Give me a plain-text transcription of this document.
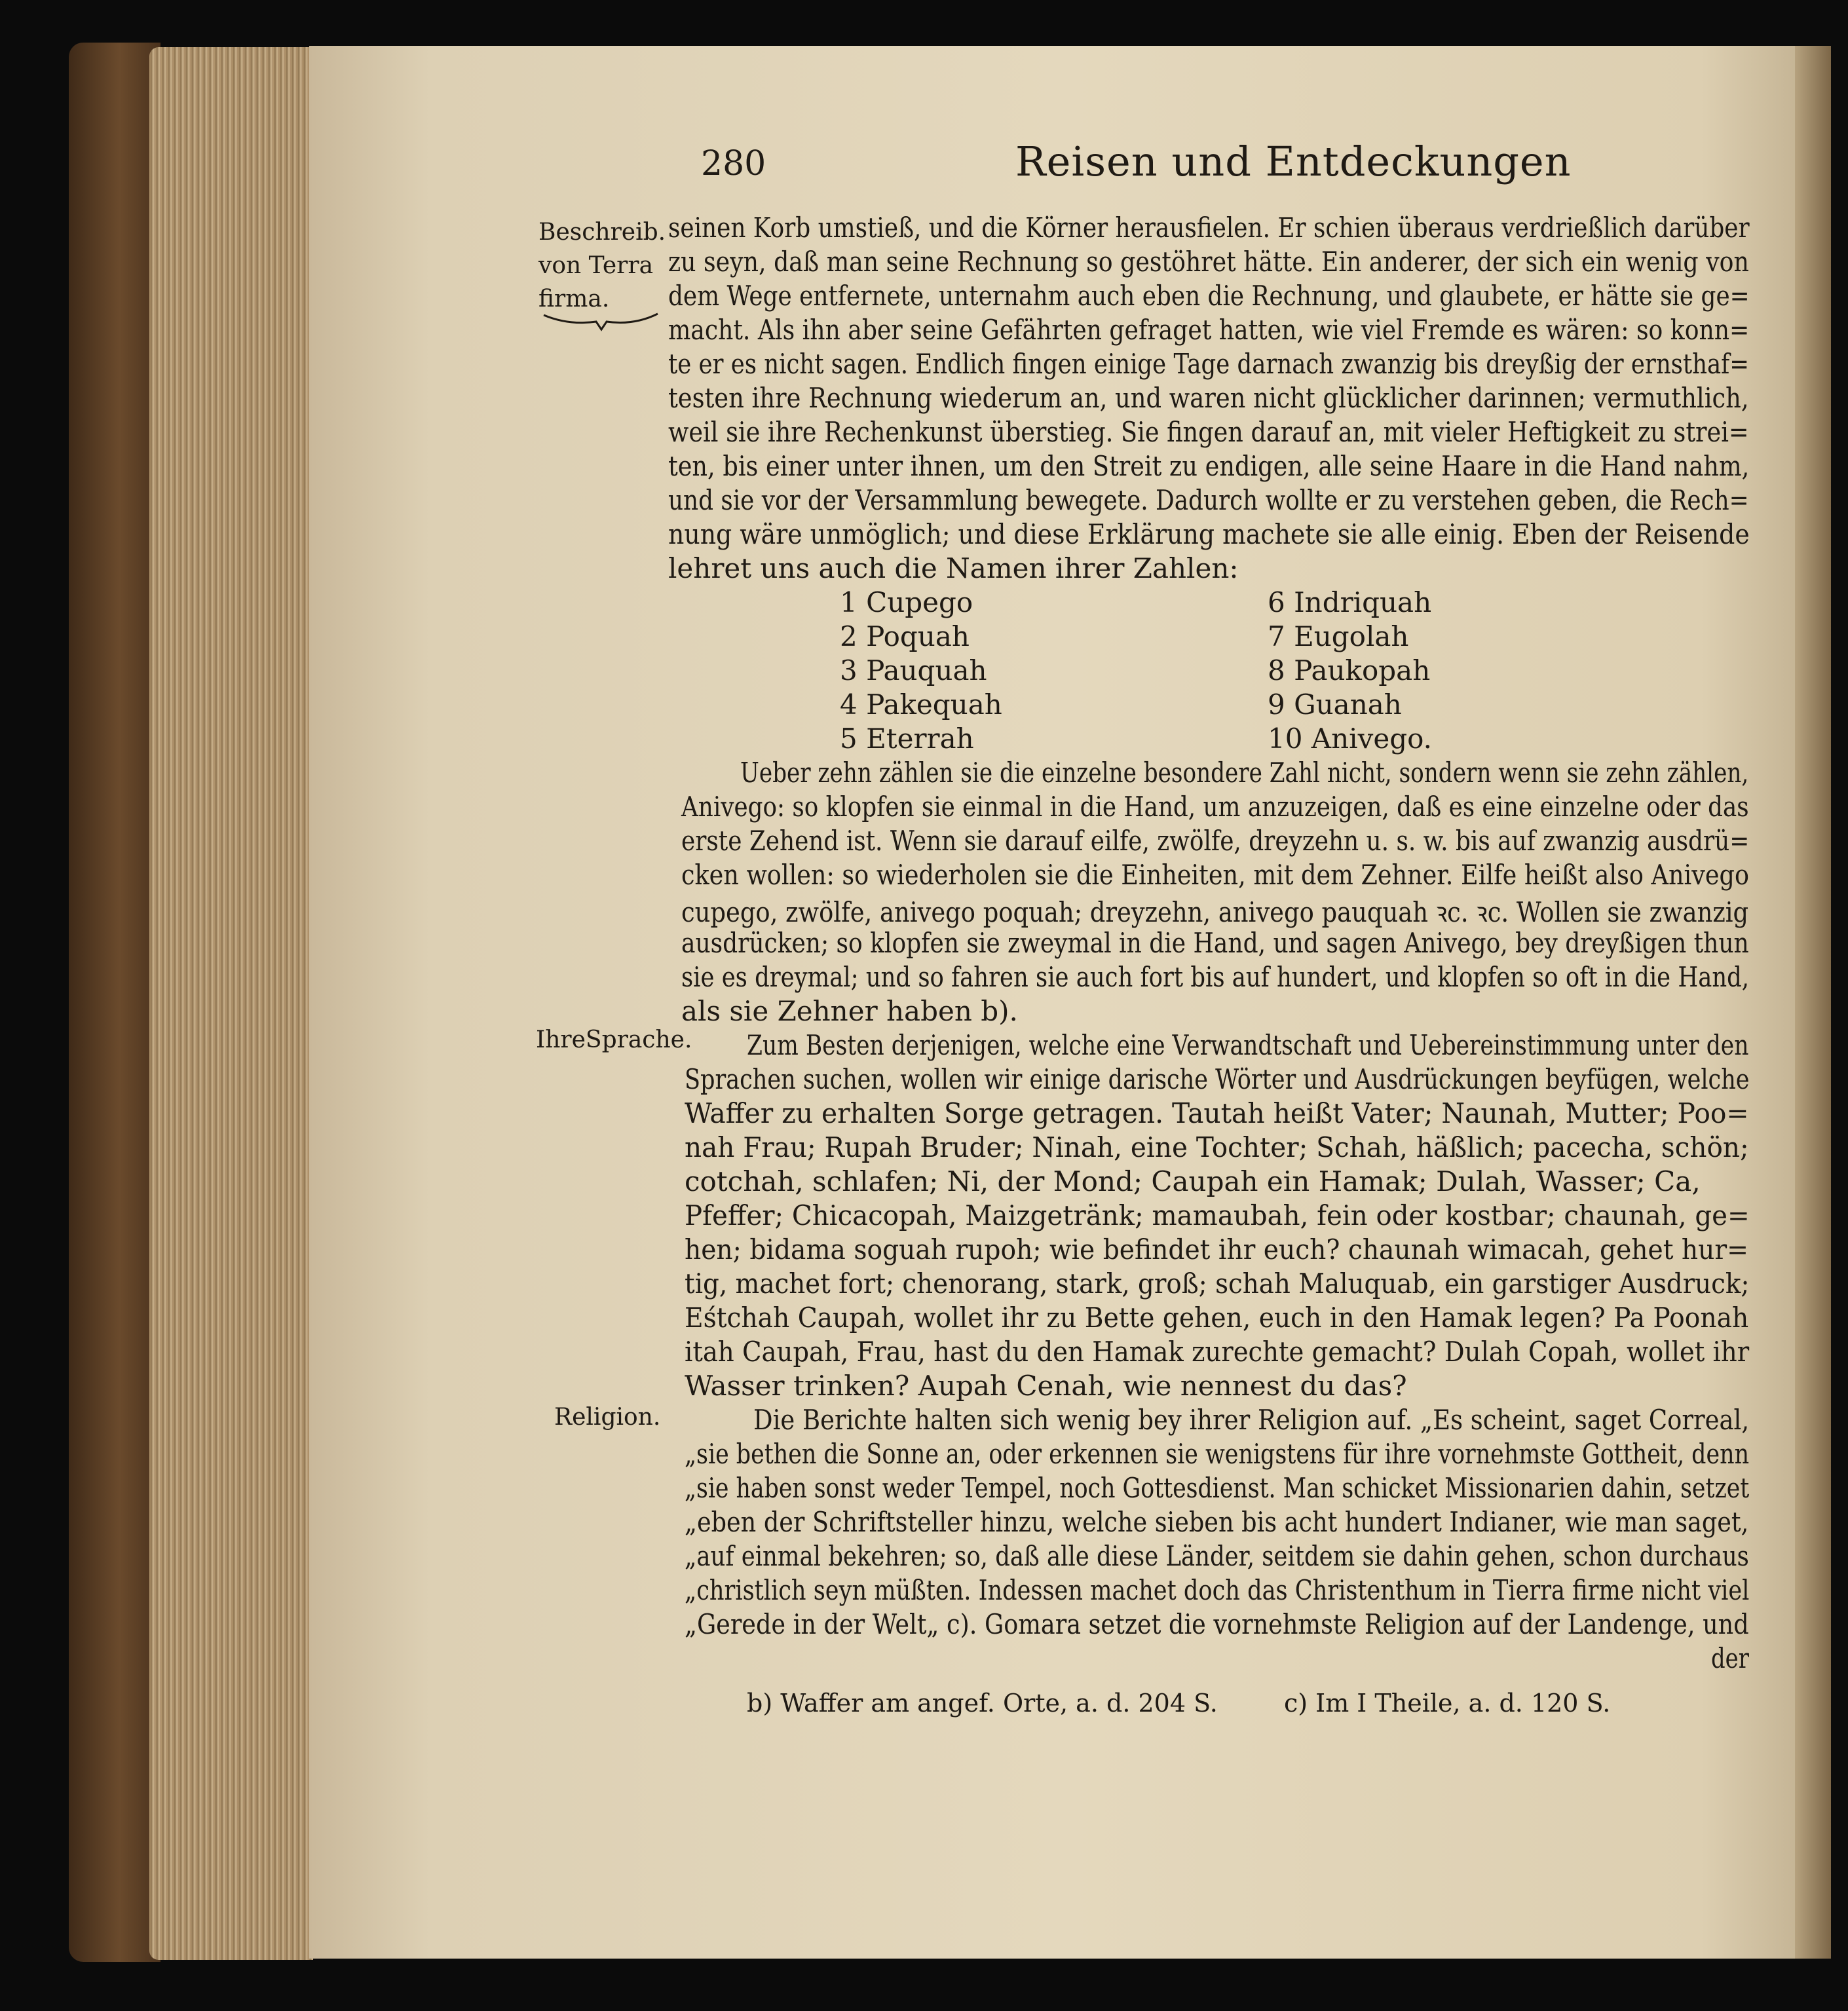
280	Reisen und Entdeckungen
Beschreib.
von Terra
firma.
IhreSprache.
Religion.
seinen Korb umstieß, und die Körner herausfielen. Er schien überaus verdrießlich darüber
zu seyn, daß man seine Rechnung so gestöhret hätte. Ein anderer, der sich ein wenig von
dem Wege entfernete, unternahm auch eben die Rechnung, und glaubete, er hätte sie ge=
macht. Als ihn aber seine Gefährten gefraget hatten, wie viel Fremde es wären: so konn=
te er es nicht sagen. Endlich fingen einige Tage darnach zwanzig bis dreyßig der ernsthaf=
testen ihre Rechnung wiederum an, und waren nicht glücklicher darinnen; vermuthlich,
weil sie ihre Rechenkunst überstieg. Sie fingen darauf an, mit vieler Heftigkeit zu strei=
ten, bis einer unter ihnen, um den Streit zu endigen, alle seine Haare in die Hand nahm,
und sie vor der Versammlung bewegete. Dadurch wollte er zu verstehen geben, die Rech=
nung wäre unmöglich; und diese Erklärung machete sie alle einig. Eben der Reisende
lehret uns auch die Namen ihrer Zahlen:
1 Cupego
2 Poquah
3 Pauquah
4 Pakequah
5 Eterrah
6 Indriquah
7 Eugolah
8 Paukopah
9 Guanah
10 Anivego.
Ueber zehn zählen sie die einzelne besondere Zahl nicht, sondern wenn sie zehn zählen,
Anivego: so klopfen sie einmal in die Hand, um anzuzeigen, daß es eine einzelne oder das
erste Zehend ist. Wenn sie darauf eilfe, zwölfe, dreyzehn u. s. w. bis auf zwanzig ausdrü=
cken wollen: so wiederholen sie die Einheiten, mit dem Zehner. Eilfe heißt also Anivego
cupego, zwölfe, anivego poquah; dreyzehn, anivego pauquah ꝛc. ꝛc. Wollen sie zwanzig
ausdrücken; so klopfen sie zweymal in die Hand, und sagen Anivego, bey dreyßigen thun
sie es dreymal; und so fahren sie auch fort bis auf hundert, und klopfen so oft in die Hand,
als sie Zehner haben b).
Zum Besten derjenigen, welche eine Verwandtschaft und Uebereinstimmung unter den
Sprachen suchen, wollen wir einige darische Wörter und Ausdrückungen beyfügen, welche
Waffer zu erhalten Sorge getragen. Tautah heißt Vater; Naunah, Mutter; Poo=
nah Frau; Rupah Bruder; Ninah, eine Tochter; Schah, häßlich; pacecha, schön;
cotchah, schlafen; Ni, der Mond; Caupah ein Hamak; Dulah, Wasser; Ca,
Pfeffer; Chicacopah, Maizgetränk; mamaubah, fein oder kostbar; chaunah, ge=
hen; bidama soguah rupoh; wie befindet ihr euch? chaunah wimacah, gehet hur=
tig, machet fort; chenorang, stark, groß; schah Maluquab, ein garstiger Ausdruck;
Eśtchah Caupah, wollet ihr zu Bette gehen, euch in den Hamak legen? Pa Poonah
itah Caupah, Frau, hast du den Hamak zurechte gemacht? Dulah Copah, wollet ihr
Wasser trinken? Aupah Cenah, wie nennest du das?
Die Berichte halten sich wenig bey ihrer Religion auf. „Es scheint, saget Correal,
„sie bethen die Sonne an, oder erkennen sie wenigstens für ihre vornehmste Gottheit, denn
„sie haben sonst weder Tempel, noch Gottesdienst. Man schicket Missionarien dahin, setzet
„eben der Schriftsteller hinzu, welche sieben bis acht hundert Indianer, wie man saget,
„auf einmal bekehren; so, daß alle diese Länder, seitdem sie dahin gehen, schon durchaus
„christlich seyn müßten. Indessen machet doch das Christenthum in Tierra firme nicht viel
„Gerede in der Welt„ c). Gomara setzet die vornehmste Religion auf der Landenge, und
der
b) Waffer am angef. Orte, a. d. 204 S.	c) Im I Theile, a. d. 120 S.
